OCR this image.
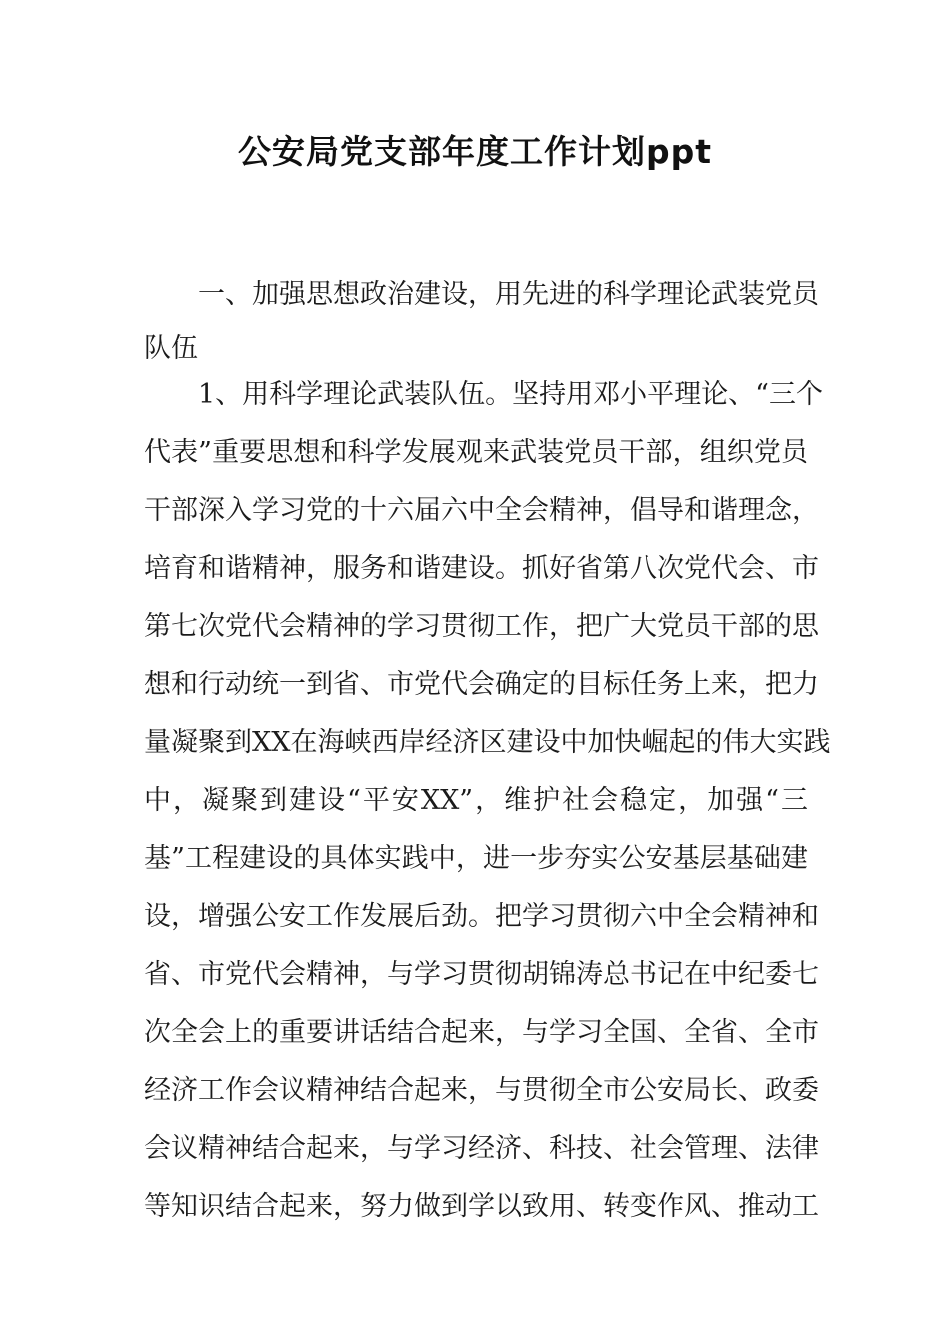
公安局党支部年度工作计划ppt
一、加强思想政治建设，用先进的科学理论武装党员
队伍
1、用科学理论武装队伍。坚持用邓小平理论、“三个
代表”重要思想和科学发展观来武装党员干部，组织党员
干部深入学习党的十六届六中全会精神，倡导和谐理念，
培育和谐精神，服务和谐建设。抓好省第八次党代会、市
第七次党代会精神的学习贯彻工作，把广大党员干部的思
想和行动统一到省、市党代会确定的目标任务上来，把力
量凝聚到XX在海峡西岸经济区建设中加快崛起的伟大实践
中，凝聚到建设“平安XX”，维护社会稳定，加强“三
基”工程建设的具体实践中，进一步夯实公安基层基础建
设，增强公安工作发展后劲。把学习贯彻六中全会精神和
省、市党代会精神，与学习贯彻胡锦涛总书记在中纪委七
次全会上的重要讲话结合起来，与学习全国、全省、全市
经济工作会议精神结合起来，与贯彻全市公安局长、政委
会议精神结合起来，与学习经济、科技、社会管理、法律
等知识结合起来，努力做到学以致用、转变作风、推动工
